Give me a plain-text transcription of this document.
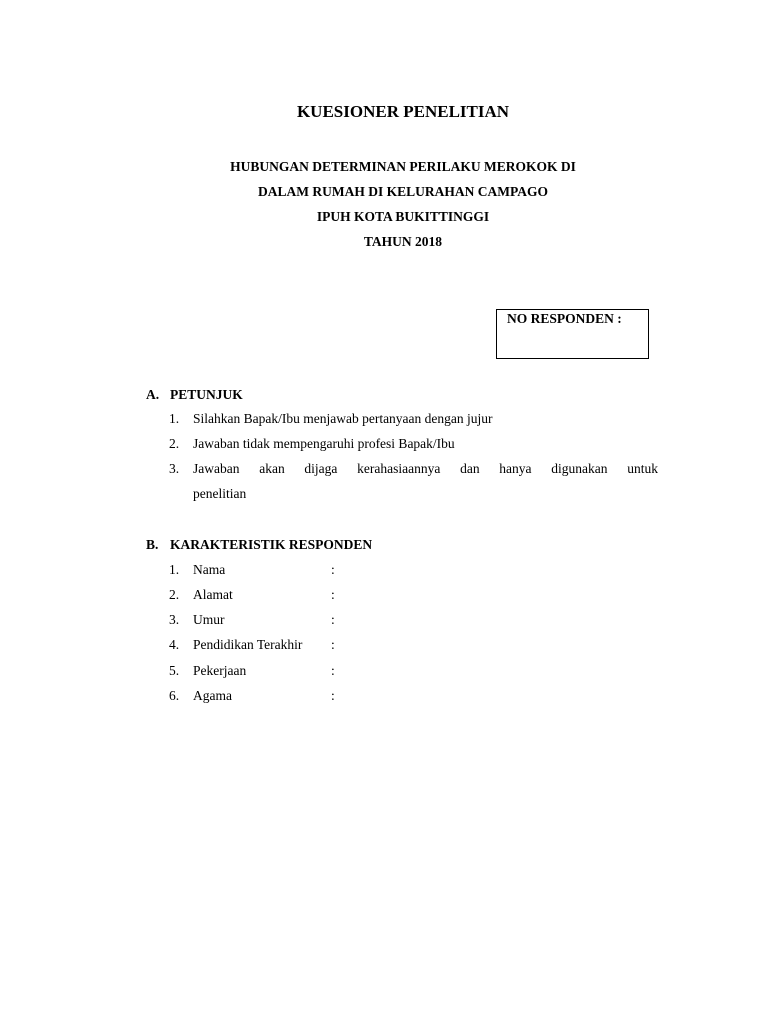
KUESIONER PENELITIAN
HUBUNGAN DETERMINAN PERILAKU MEROKOK DI
DALAM RUMAH DI KELURAHAN CAMPAGO
IPUH KOTA BUKITTINGGI
TAHUN 2018
NO RESPONDEN :
A. PETUNJUK
1. Silahkan Bapak/Ibu menjawab pertanyaan dengan jujur
2. Jawaban tidak mempengaruhi profesi Bapak/Ibu
3. Jawaban akan dijaga kerahasiaannya dan hanya digunakan untuk
penelitian
B. KARAKTERISTIK RESPONDEN
1. Nama	:
2. Alamat	:
3. Umur	:
4. Pendidikan Terakhir :
5. Pekerjaan	:
6. Agama	:
